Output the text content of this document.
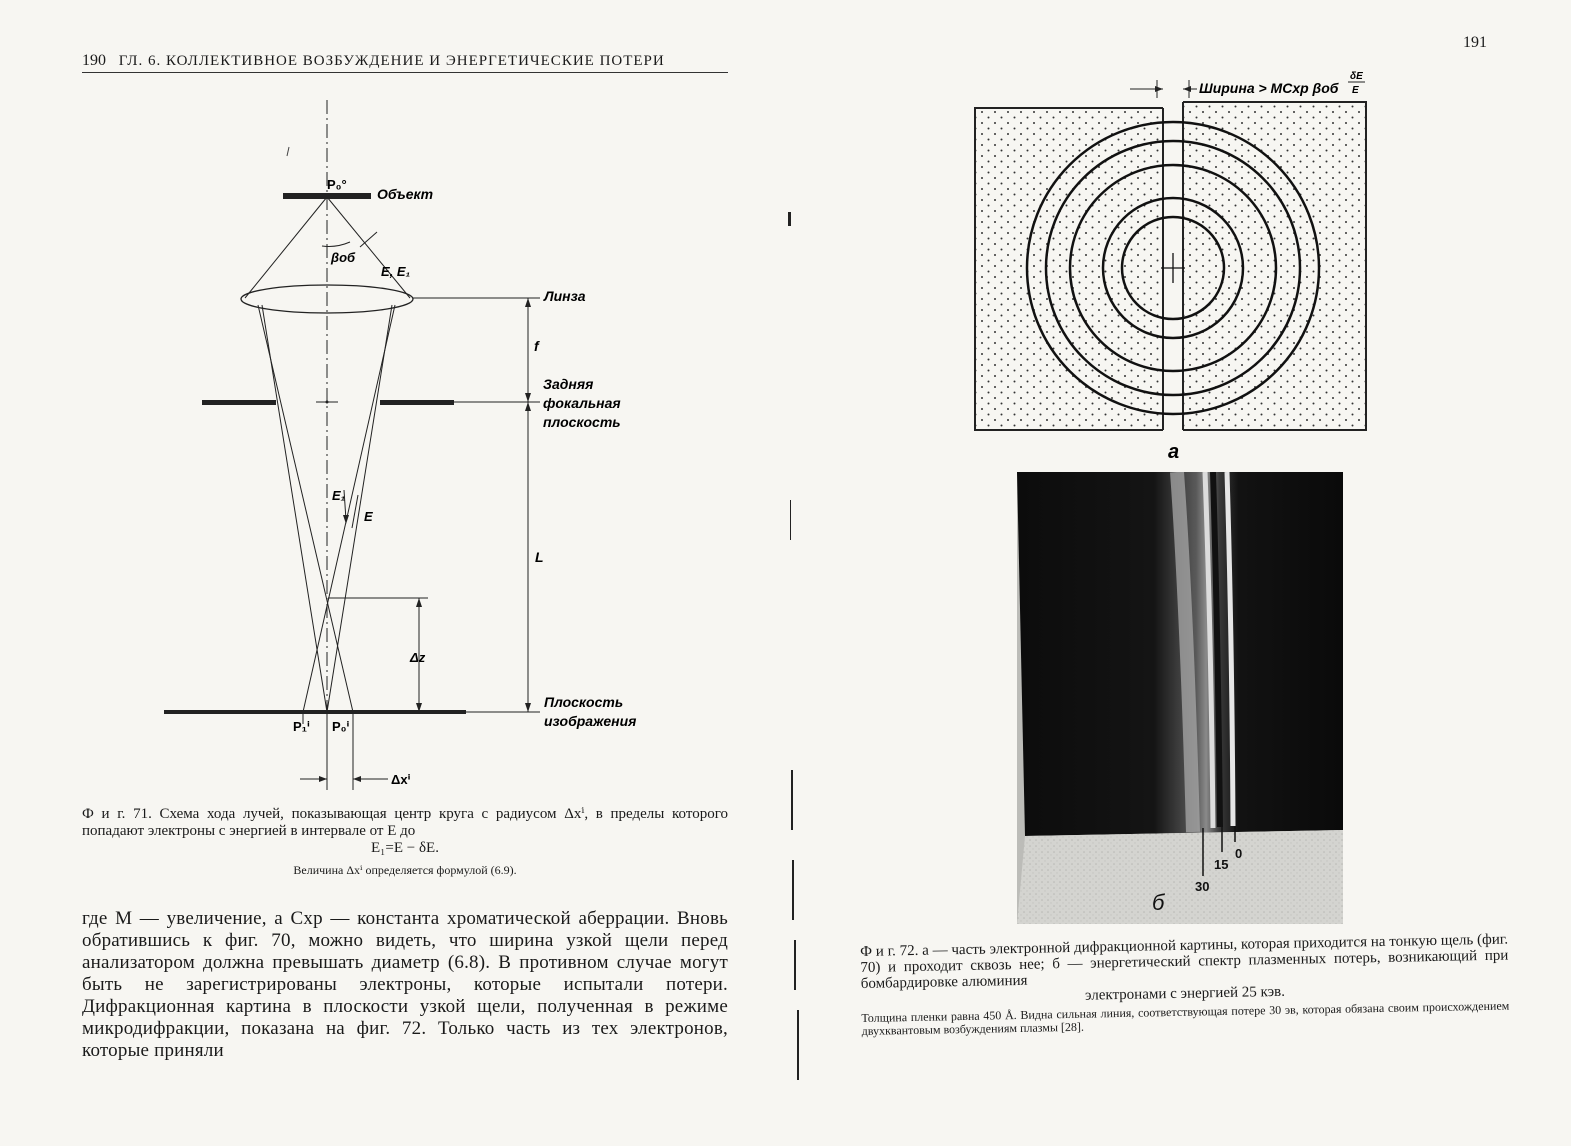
190 ГЛ. 6. КОЛЛЕКТИВНОЕ ВОЗБУЖДЕНИЕ И ЭНЕРГЕТИЧЕСКИЕ ПОТЕРИ
P₀°
Объект
βоб
E, E₁
Линза
f
Задняя
фокальная
плоскость
E₁
E
L
Δz
Плоскость
изображения
P₁ⁱ P₀ⁱ
Δxⁱ
Ф и г. 71. Схема хода лучей, показывающая центр круга с радиусом Δxⁱ, в пределы которого попадают электроны с энергией в интервале от E до
E₁=E − δE.
Величина Δxⁱ определяется формулой (6.9).
где M — увеличение, а Cхр — константа хроматической аберрации. Вновь обратившись к фиг. 70, можно видеть, что ширина узкой щели перед анализатором должна превышать диаметр (6.8). В противном случае могут быть не зарегистрированы электроны, которые испытали потери. Дифракционная картина в плоскости узкой щели, полученная в режиме микродифракции, показана на фиг. 72. Только часть из тех электронов, которые приняли
191
Ширина > MCхр βоб
δE
E
а
30
15
0
б
Ф и г. 72. а — часть электронной дифракционной картины, которая приходится на тонкую щель (фиг. 70) и проходит сквозь нее; б — энергетический спектр плазменных потерь, возникающий при бомбардировке алюминия
электронами с энергией 25 кэв.
Толщина пленки равна 450 Å. Видна сильная линия, соответствующая потере 30 эв, которая обязана своим происхождением двухквантовым возбуждениям плазмы [28].
